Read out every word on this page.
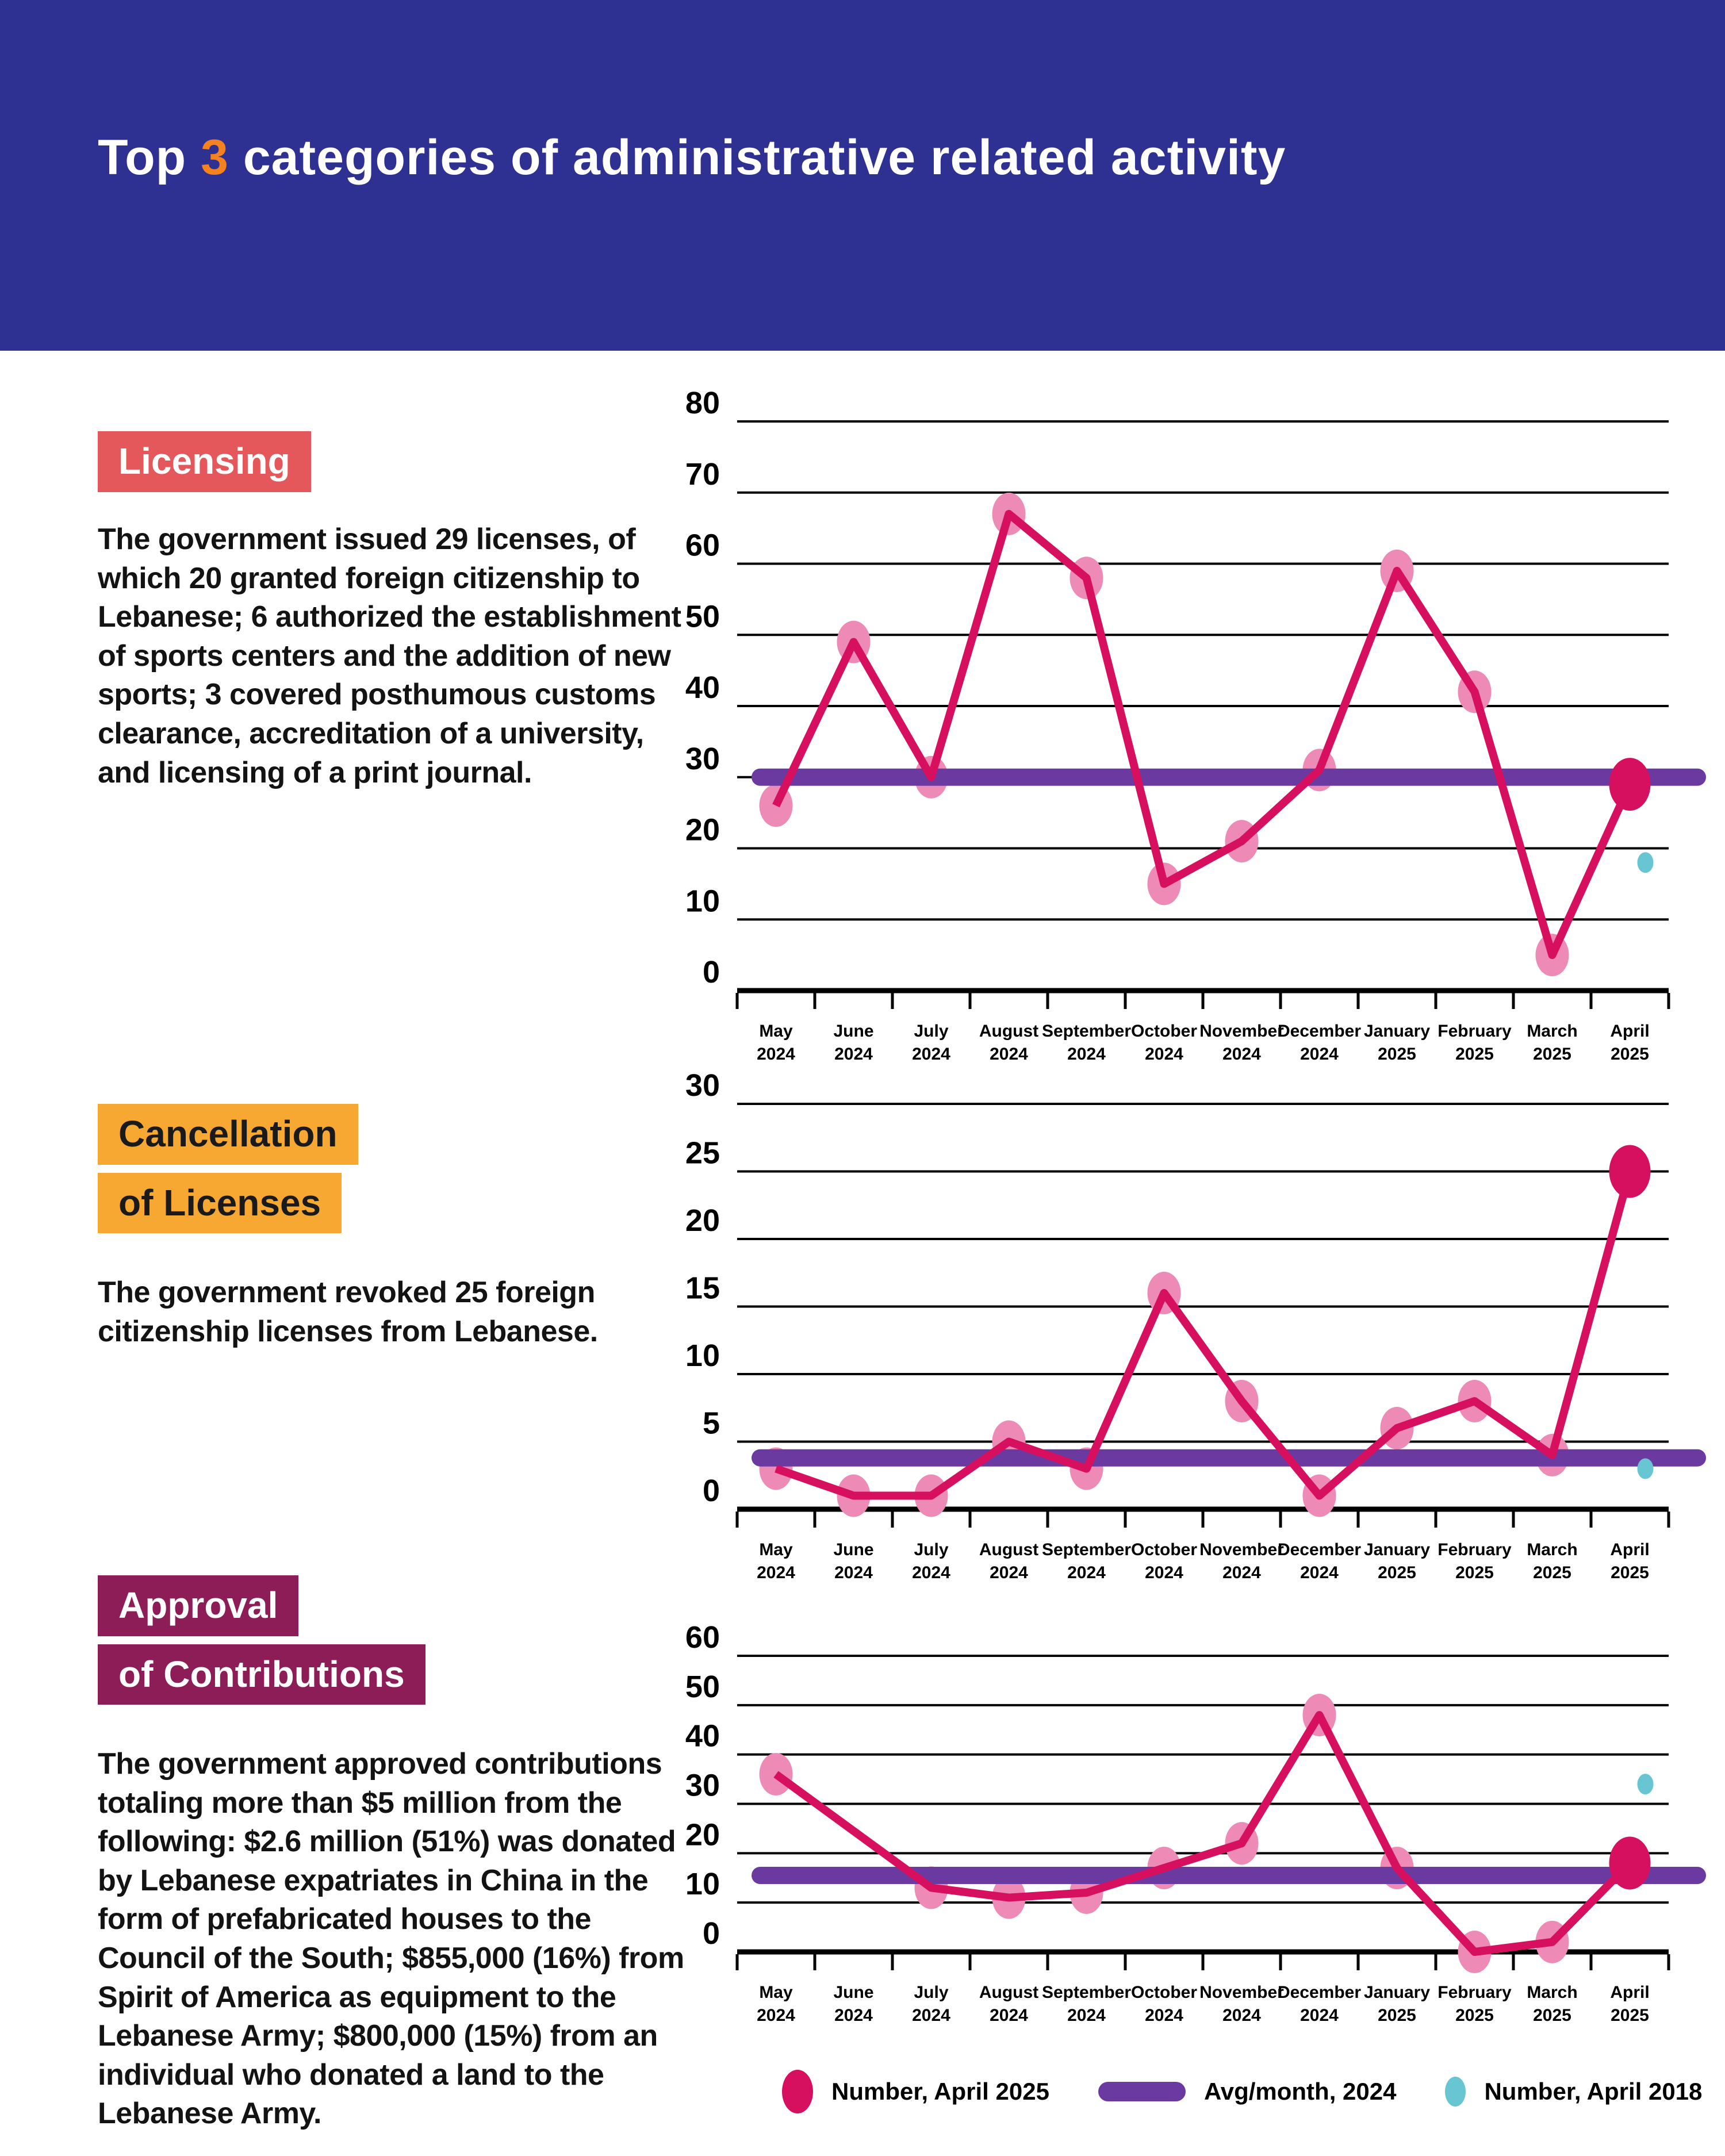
Top 3 categories of administrative related activity
Licensing
The government issued 29 licenses, of which 20 granted foreign citizenship to Lebanese; 6 authorized the establishment of sports centers and the addition of new sports; 3 covered posthumous customs clearance, accreditation of a university, and licensing of a print journal.
0
10
20
30
40
50
60
70
80
May
2024
June
2024
July
2024
August
2024
September
2024
October
2024
November
2024
December
2024
January
2025
February
2025
March
2025
April
2025
Cancellation
of Licenses
The government revoked 25 foreign citizenship licenses from Lebanese.
0
5
10
15
20
25
30
May
2024
June
2024
July
2024
August
2024
September
2024
October
2024
November
2024
December
2024
January
2025
February
2025
March
2025
April
2025
Approval
of Contributions
The government approved contributions totaling more than $5 million from the following: $2.6 million (51%) was donated by Lebanese expatriates in China in the form of prefabricated houses to the Council of the South; $855,000 (16%) from Spirit of America as equipment to the Lebanese Army; $800,000 (15%) from an individual who donated a land to the Lebanese Army.
0
10
20
30
40
50
60
May
2024
June
2024
July
2024
August
2024
September
2024
October
2024
November
2024
December
2024
January
2025
February
2025
March
2025
April
2025
Number, April 2025	Avg/month, 2024	Number, April 2018
